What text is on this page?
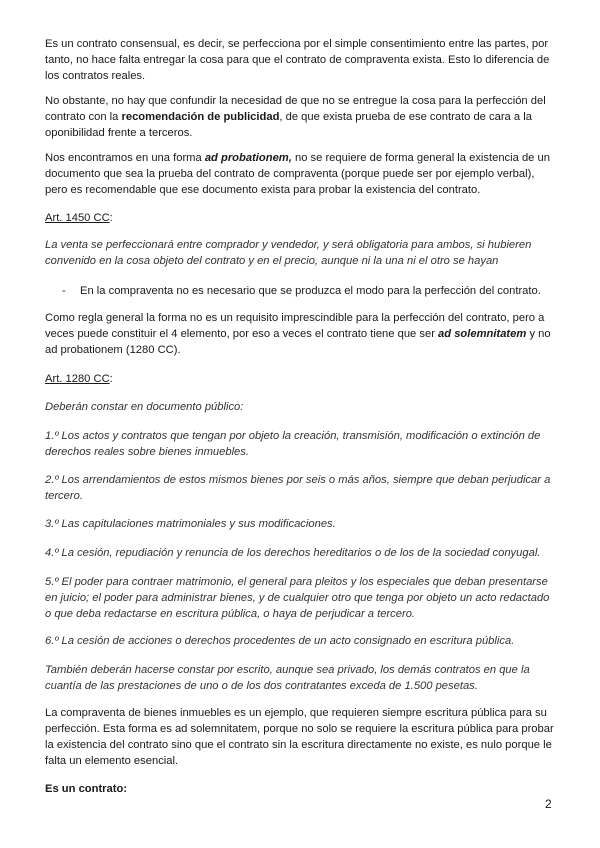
Es un contrato consensual, es decir, se perfecciona por el simple consentimiento entre las partes, por tanto, no hace falta entregar la cosa para que el contrato de compraventa exista. Esto lo diferencia de los contratos reales.

No obstante, no hay que confundir la necesidad de que no se entregue la cosa para la perfección del contrato con la recomendación de publicidad, de que exista prueba de ese contrato de cara a la oponibilidad frente a terceros.

Nos encontramos en una forma ad probationem, no se requiere de forma general la existencia de un documento que sea la prueba del contrato de compraventa (porque puede ser por ejemplo verbal), pero es recomendable que ese documento exista para probar la existencia del contrato.

Art. 1450 CC:

La venta se perfeccionará entre comprador y vendedor, y será obligatoria para ambos, si hubieren convenido en la cosa objeto del contrato y en el precio, aunque ni la una ni el otro se hayan

- En la compraventa no es necesario que se produzca el modo para la perfección del contrato.

Como regla general la forma no es un requisito imprescindible para la perfección del contrato, pero a veces puede constituir el 4 elemento, por eso a veces el contrato tiene que ser ad solemnitatem y no ad probationem (1280 CC).

Art. 1280 CC:

Deberán constar en documento público:

1.º Los actos y contratos que tengan por objeto la creación, transmisión, modificación o extinción de derechos reales sobre bienes inmuebles.

2.º Los arrendamientos de estos mismos bienes por seis o más años, siempre que deban perjudicar a tercero.

3.º Las capitulaciones matrimoniales y sus modificaciones.

4.º La cesión, repudiación y renuncia de los derechos hereditarios o de los de la sociedad conyugal.

5.º El poder para contraer matrimonio, el general para pleitos y los especiales que deban presentarse en juicio; el poder para administrar bienes, y de cualquier otro que tenga por objeto un acto redactado o que deba redactarse en escritura pública, o haya de perjudicar a tercero.

6.º La cesión de acciones o derechos procedentes de un acto consignado en escritura pública.

También deberán hacerse constar por escrito, aunque sea privado, los demás contratos en que la cuantía de las prestaciones de uno o de los dos contratantes exceda de 1.500 pesetas.

La compraventa de bienes inmuebles es un ejemplo, que requieren siempre escritura pública para su perfección. Esta forma es ad solemnitatem, porque no solo se requiere la escritura pública para probar la existencia del contrato sino que el contrato sin la escritura directamente no existe, es nulo porque le falta un elemento esencial.

Es un contrato:

2
